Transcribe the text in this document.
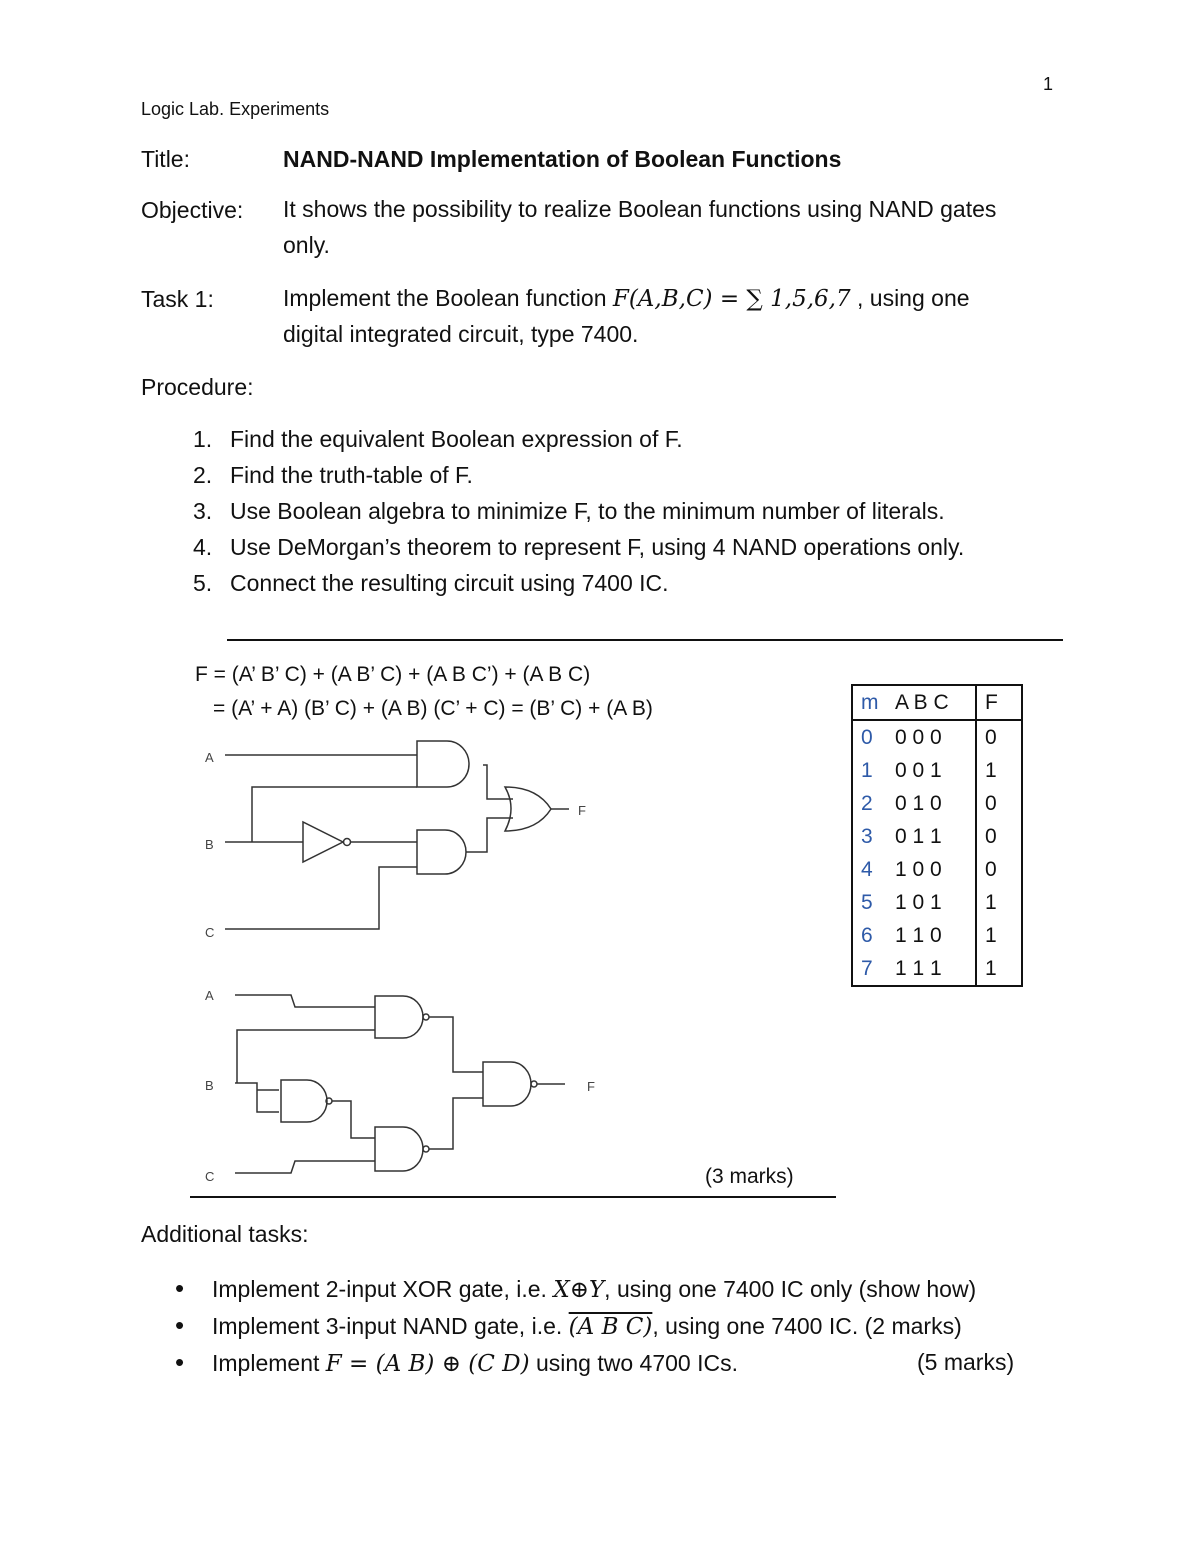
1
Logic Lab. Experiments
Title:	NAND-NAND Implementation of Boolean Functions
Objective: It shows the possibility to realize Boolean functions using NAND gates
only.
Task 1:	Implement the Boolean function F(A,B,C) = ∑ 1,5,6,7 , using one
digital integrated circuit, type 7400.
Procedure:
1. Find the equivalent Boolean expression of F.
2. Find the truth-table of F.
3. Use Boolean algebra to minimize F, to the minimum number of literals.
4. Use DeMorgan’s theorem to represent F, using 4 NAND operations only.
5. Connect the resulting circuit using 7400 IC.
F = (A’ B’ C) + (A B’ C) + (A B C’) + (A B C)
= (A’ + A) (B’ C) + (A B) (C’ + C) = (B’ C) + (A B)
A
B
C
F
A
B
C
F
m	A B C	F
0	0 0 0	0
1	0 0 1	1
2	0 1 0	0
3	0 1 1	0
4	1 0 0	0
5	1 0 1	1
6	1 1 0	1
7	1 1 1	1
(3 marks)
Additional tasks:
• Implement 2-input XOR gate, i.e. X⊕Y, using one 7400 IC only (show how)
• Implement 3-input NAND gate, i.e. (A B C), using one 7400 IC. (2 marks)
• Implement F = (A B) ⊕ (C D) using two 4700 ICs.	(5 marks)
